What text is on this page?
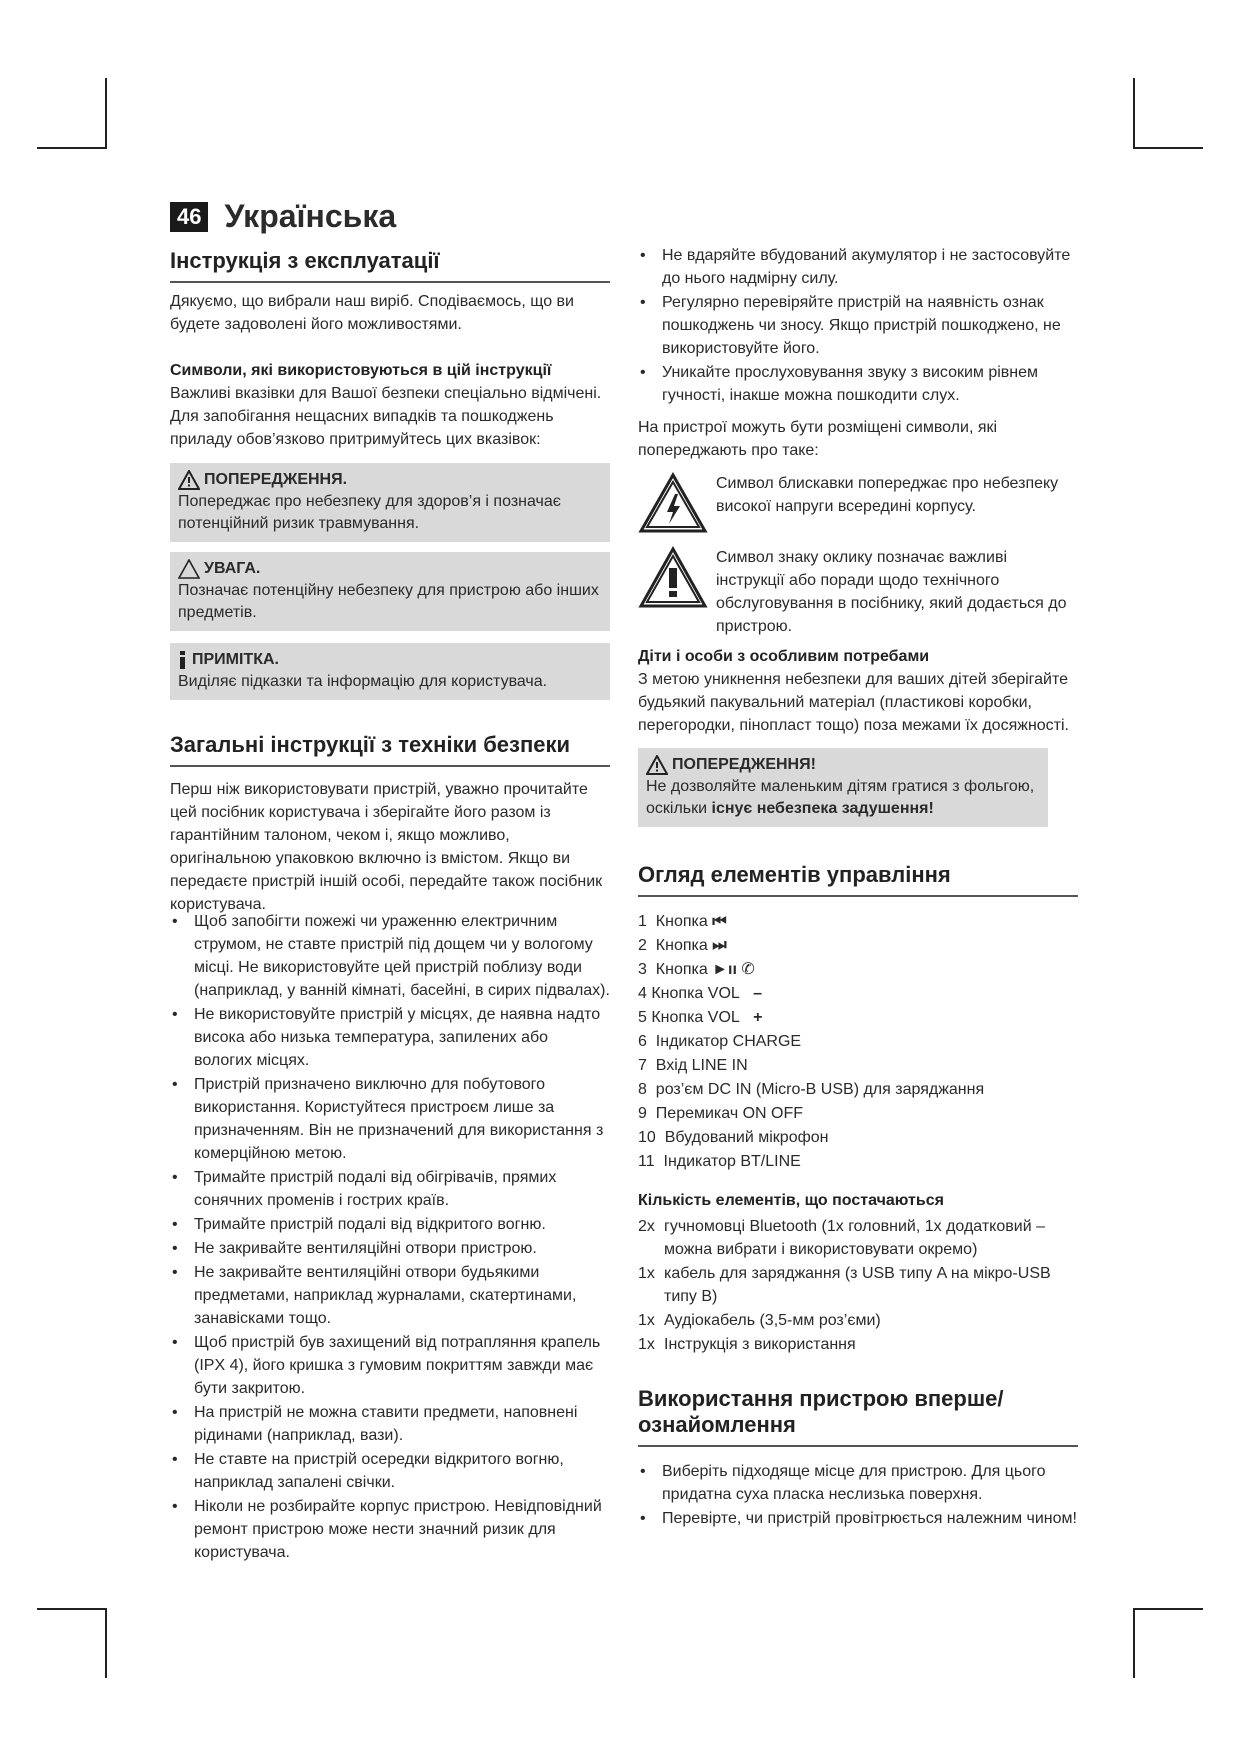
46 Українська
Інструкція з експлуатації

Дякуємо, що вибрали наш виріб. Сподіваємось, що ви будете задоволені його можливостями.

Символи, які використовуються в цій інструкції

Важливі вказівки для Вашої безпеки спеціально відмічені. Для запобігання нещасних випадків та пошкоджень приладу обов’язково притримуйтесь цих вказівок:

ПОПЕРЕДЖЕННЯ.

Попереджає про небезпеку для здоров’я і позначає потенційний ризик травмування.

УВАГА.

Позначає потенційну небезпеку для пристрою або інших предметів.

ПРИМІТКА.

Виділяє підказки та інформацію для користувача.

Загальні інструкції з техніки безпеки

Перш ніж використовувати пристрій, уважно прочитайте цей посібник користувача і зберігайте його разом із гарантійним талоном, чеком і, якщо можливо, оригінальною упаковкою включно із вмістом. Якщо ви передаєте пристрій іншій особі, передайте також посібник користувача.

• Щоб запобігти пожежі чи ураженню електричним струмом, не ставте пристрій під дощем чи у вологому місці. Не використовуйте цей пристрій поблизу води (наприклад, у ванній кімнаті, басейні, в сирих підвалах).
• Не використовуйте пристрій у місцях, де наявна надто висока або низька температура, запилених або вологих місцях.
• Пристрій призначено виключно для побутового використання. Користуйтеся пристроєм лише за призначенням. Він не призначений для використання з комерційною метою.
• Тримайте пристрій подалі від обігрівачів, прямих сонячних променів і гострих країв.
• Тримайте пристрій подалі від відкритого вогню.
• Не закривайте вентиляційні отвори пристрою.
• Не закривайте вентиляційні отвори будьякими предметами, наприклад журналами, скатертинами, занавісками тощо.
• Щоб пристрій був захищений від потрапляння крапель (IPX 4), його кришка з гумовим покриттям завжди має бути закритою.
• На пристрій не можна ставити предмети, наповнені рідинами (наприклад, вази).
• Не ставте на пристрій осередки відкритого вогню, наприклад запалені свічки.
• Ніколи не розбирайте корпус пристрою. Невідповідний ремонт пристрою може нести значний ризик для користувача.
• Не вдаряйте вбудований акумулятор і не застосовуйте до нього надмірну силу.
• Регулярно перевіряйте пристрій на наявність ознак пошкоджень чи зносу. Якщо пристрій пошкоджено, не використовуйте його.
• Уникайте прослуховування звуку з високим рівнем гучності, інакше можна пошкодити слух.

На пристрої можуть бути розміщені символи, які попереджають про таке:

Символ блискавки попереджає про небезпеку високої напруги всередині корпусу.

Символ знаку оклику позначає важливі інструкції або поради щодо технічного обслуговування в посібнику, який додається до пристрою.

Діти і особи з особливим потребами

З метою уникнення небезпеки для ваших дітей зберігайте будьякий пакувальний матеріал (пластикові коробки, перегородки, пінопласт тощо) поза межами їх досяжності.

ПОПЕРЕДЖЕННЯ!

Не дозволяйте маленьким дітям гратися з фольгою, оскільки існує небезпека задушення!

Огляд елементів управління
1 Кнопка ⏮
2 Кнопка ⏭
3 Кнопка ►ıı ✆
4 Кнопка VOL –
5 Кнопка VOL +
6 Індикатор CHARGE
7 Вхід LINE IN
8 роз’єм DC IN (Micro-B USB) для заряджання
9 Перемикач ON OFF
10 Вбудований мікрофон
11 Індикатор BT/LINE
Кількість елементів, що постачаються
2x гучномовці Bluetooth (1x головний, 1x додатковий – можна вибрати і використовувати окремо)
1x кабель для заряджання (з USB типу A на мікро-USB типу B)
1x Аудіокабель (3,5-мм роз’єми)
1x Інструкція з використання
Використання пристрою вперше/ ознайомлення
• Виберіть підходяще місце для пристрою. Для цього придатна суха пласка неслизька поверхня.
• Перевірте, чи пристрій провітрюється належним чином!
